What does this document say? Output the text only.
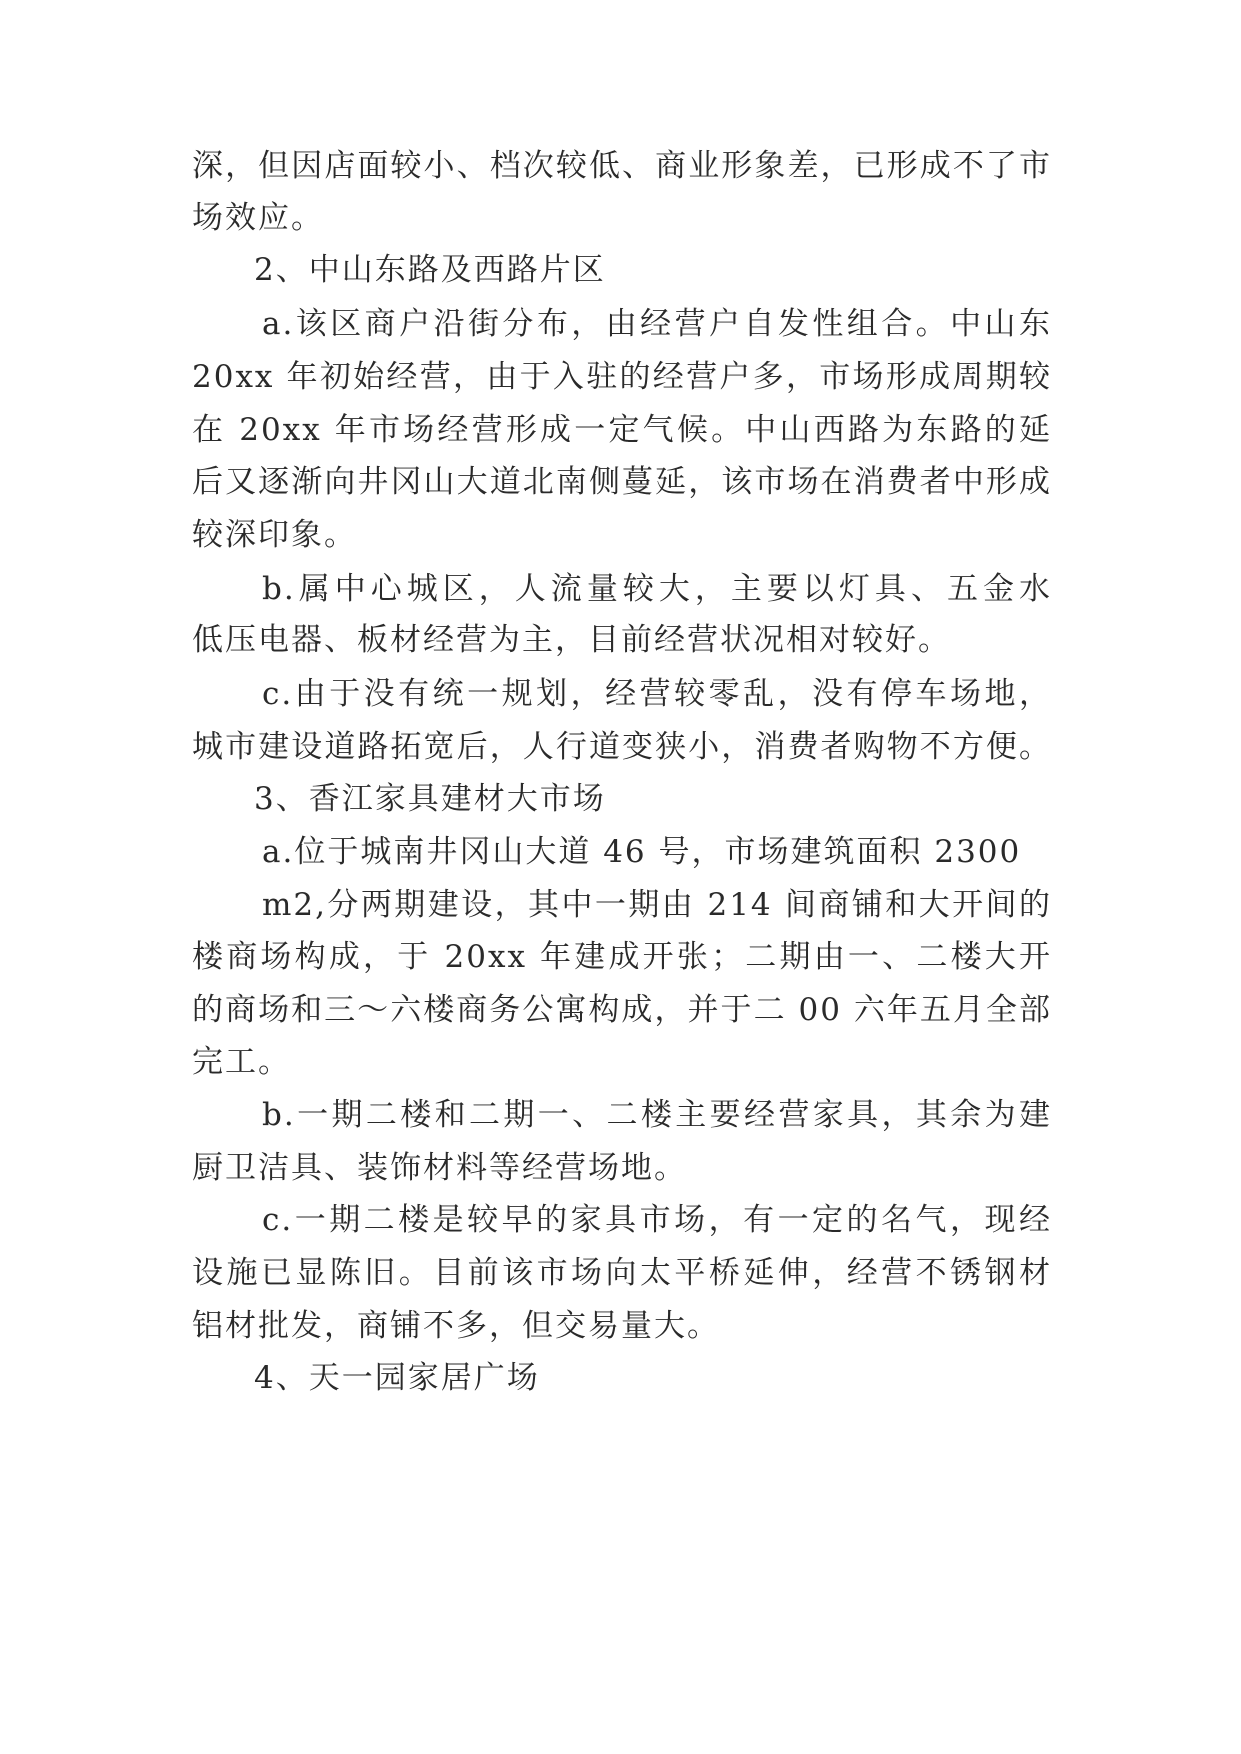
深，但因店面较小、档次较低、商业形象差，已形成不了市
场效应。
2、中山东路及西路片区
a.该区商户沿街分布，由经营户自发性组合。中山东
20xx 年初始经营，由于入驻的经营户多，市场形成周期较
在 20xx 年市场经营形成一定气候。中山西路为东路的延
后又逐渐向井冈山大道北南侧蔓延，该市场在消费者中形成
较深印象。
b.属中心城区，人流量较大，主要以灯具、五金水
低压电器、板材经营为主，目前经营状况相对较好。
c.由于没有统一规划，经营较零乱，没有停车场地，
城市建设道路拓宽后，人行道变狭小，消费者购物不方便。
3、香江家具建材大市场
a.位于城南井冈山大道 46 号，市场建筑面积 2300
m2,分两期建设，其中一期由 214 间商铺和大开间的
楼商场构成，于 20xx 年建成开张；二期由一、二楼大开
的商场和三～六楼商务公寓构成，并于二 00 六年五月全部
完工。
b.一期二楼和二期一、二楼主要经营家具，其余为建
厨卫洁具、装饰材料等经营场地。
c.一期二楼是较早的家具市场，有一定的名气，现经
设施已显陈旧。目前该市场向太平桥延伸，经营不锈钢材
铝材批发，商铺不多，但交易量大。
4、天一园家居广场
